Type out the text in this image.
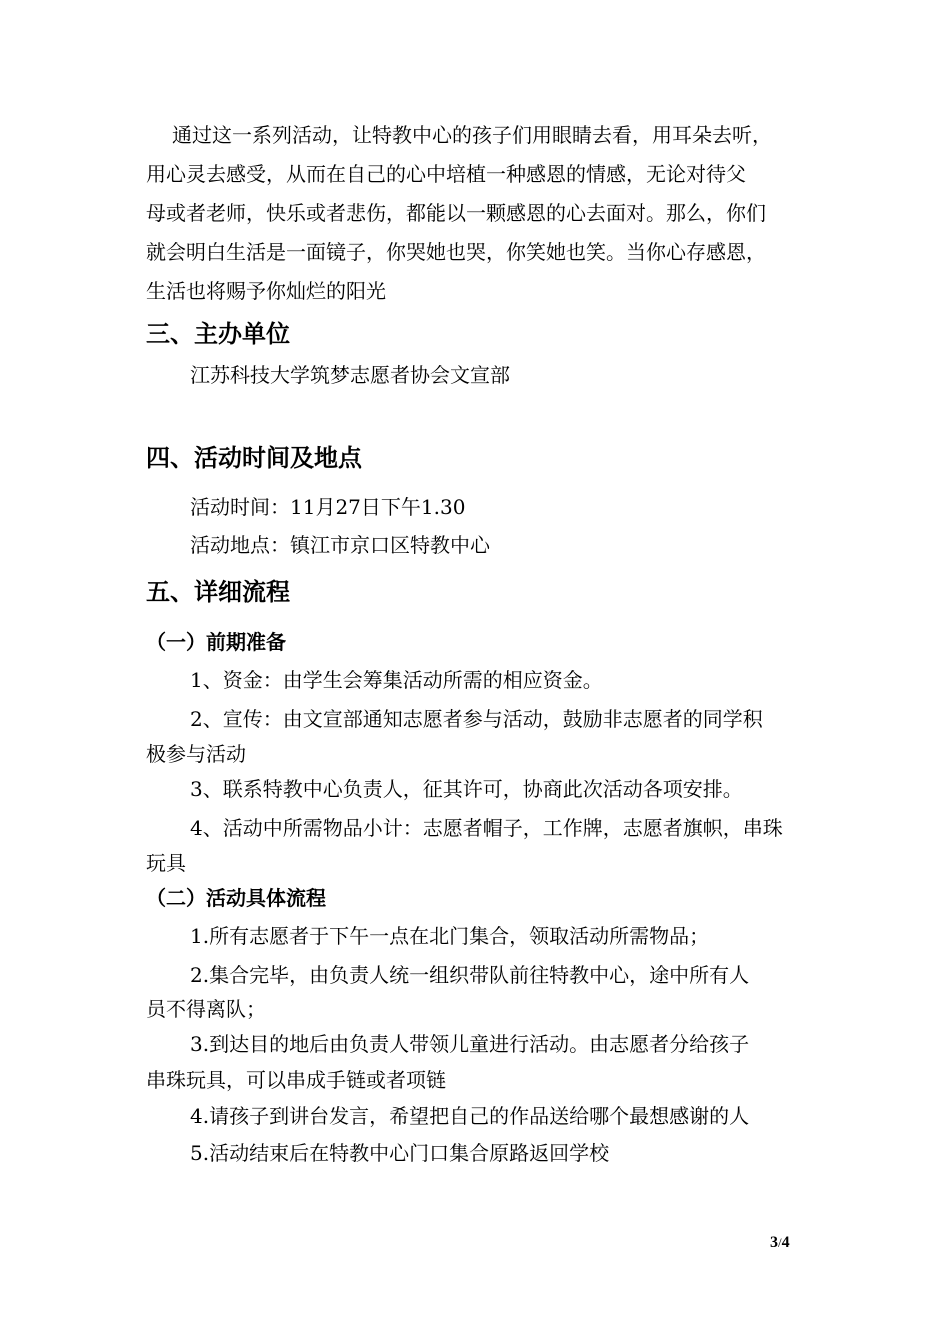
通过这一系列活动，让特教中心的孩子们用眼睛去看，用耳朵去听，
用心灵去感受，从而在自己的心中培植一种感恩的情感，无论对待父
母或者老师，快乐或者悲伤，都能以一颗感恩的心去面对。那么，你们
就会明白生活是一面镜子，你哭她也哭，你笑她也笑。当你心存感恩，
生活也将赐予你灿烂的阳光
三、主办单位
江苏科技大学筑梦志愿者协会文宣部
四、活动时间及地点
活动时间：11月27日下午1.30
活动地点：镇江市京口区特教中心
五、详细流程
（一）前期准备
1、资金：由学生会筹集活动所需的相应资金。
2、宣传：由文宣部通知志愿者参与活动，鼓励非志愿者的同学积
极参与活动
3、联系特教中心负责人，征其许可，协商此次活动各项安排。
4、活动中所需物品小计：志愿者帽子，工作牌，志愿者旗帜，串珠
玩具
（二）活动具体流程
1.所有志愿者于下午一点在北门集合，领取活动所需物品；
2.集合完毕，由负责人统一组织带队前往特教中心，途中所有人
员不得离队；
3.到达目的地后由负责人带领儿童进行活动。由志愿者分给孩子
串珠玩具，可以串成手链或者项链
4.请孩子到讲台发言，希望把自己的作品送给哪个最想感谢的人
5.活动结束后在特教中心门口集合原路返回学校
3/4
